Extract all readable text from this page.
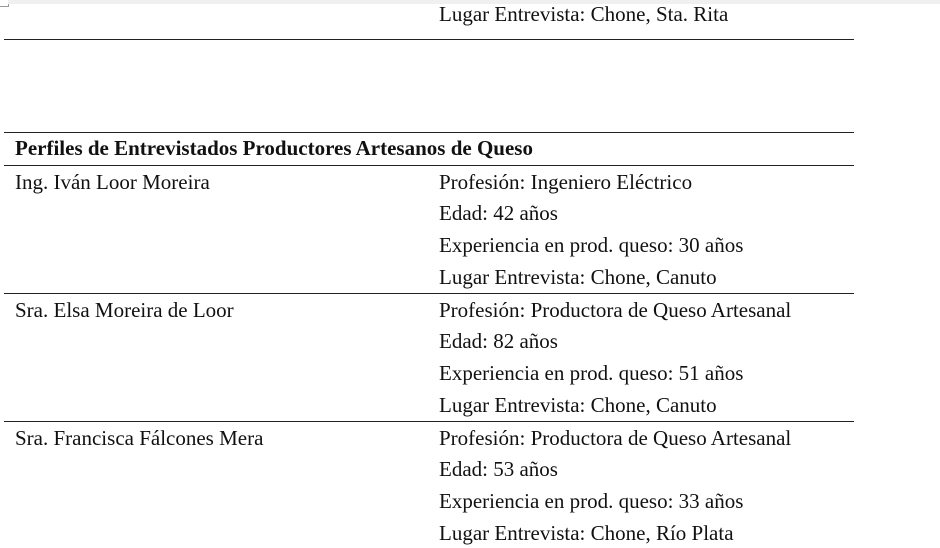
Lugar Entrevista: Chone, Sta. Rita
Perfiles de Entrevistados Productores Artesanos de Queso
Ing. Iván Loor Moreira	Profesión: Ingeniero Eléctrico
Edad: 42 años
Experiencia en prod. queso: 30 años
Lugar Entrevista: Chone, Canuto
Sra. Elsa Moreira de Loor	Profesión: Productora de Queso Artesanal
Edad: 82 años
Experiencia en prod. queso: 51 años
Lugar Entrevista: Chone, Canuto
Sra. Francisca Fálcones Mera	Profesión: Productora de Queso Artesanal
Edad: 53 años
Experiencia en prod. queso: 33 años
Lugar Entrevista: Chone, Río Plata
